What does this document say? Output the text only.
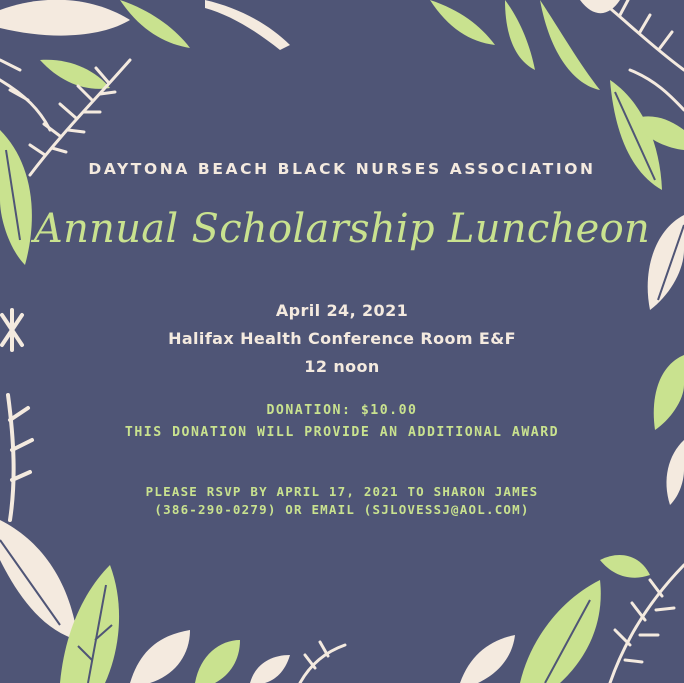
DAYTONA BEACH BLACK NURSES ASSOCIATION
Annual Scholarship Luncheon
April 24, 2021
Halifax Health Conference Room E&F
12 noon
DONATION: $10.00
THIS DONATION WILL PROVIDE AN ADDITIONAL AWARD
PLEASE RSVP BY APRIL 17, 2021 TO SHARON JAMES
(386-290-0279) OR EMAIL (SJLOVESSJ@AOL.COM)
